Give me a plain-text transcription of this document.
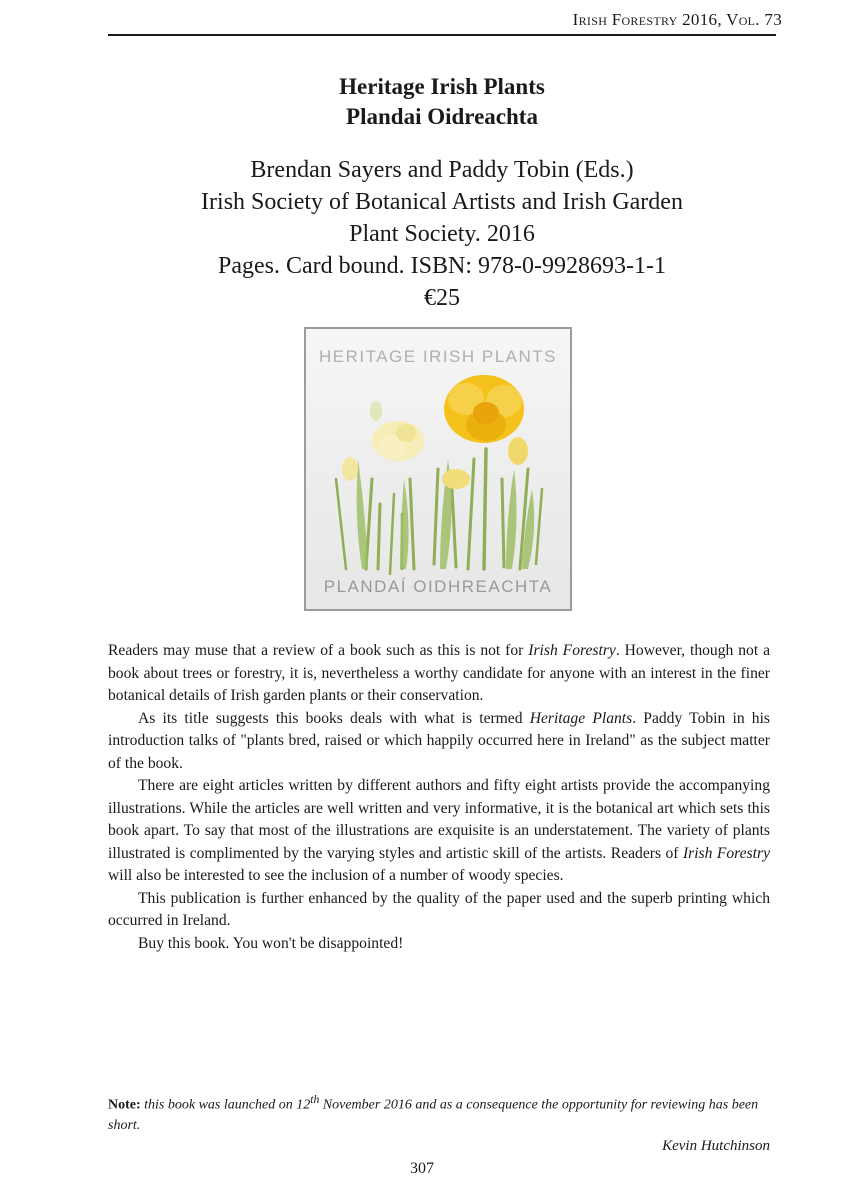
Irish Forestry 2016, Vol. 73
Heritage Irish Plants
Plandai Oidreachta
Brendan Sayers and Paddy Tobin (Eds.)
Irish Society of Botanical Artists and Irish Garden
Plant Society. 2016
Pages. Card bound. ISBN: 978-0-9928693-1-1
€25
HERITAGE IRISH PLANTS
PLANDAÍ OIDHREACHTA

Readers may muse that a review of a book such as this is not for Irish Forestry. However, though not a book about trees or forestry, it is, nevertheless a worthy candidate for anyone with an interest in the finer botanical details of Irish garden plants or their conservation.

As its title suggests this books deals with what is termed Heritage Plants. Paddy Tobin in his introduction talks of "plants bred, raised or which happily occurred here in Ireland" as the subject matter of the book.

There are eight articles written by different authors and fifty eight artists provide the accompanying illustrations. While the articles are well written and very informative, it is the botanical art which sets this book apart. To say that most of the illustrations are exquisite is an understatement. The variety of plants illustrated is complimented by the varying styles and artistic skill of the artists. Readers of Irish Forestry will also be interested to see the inclusion of a number of woody species.

This publication is further enhanced by the quality of the paper used and the superb printing which occurred in Ireland.

Buy this book. You won't be disappointed!

Note: this book was launched on 12th November 2016 and as a consequence the opportunity for reviewing has been short.
Kevin Hutchinson
307
